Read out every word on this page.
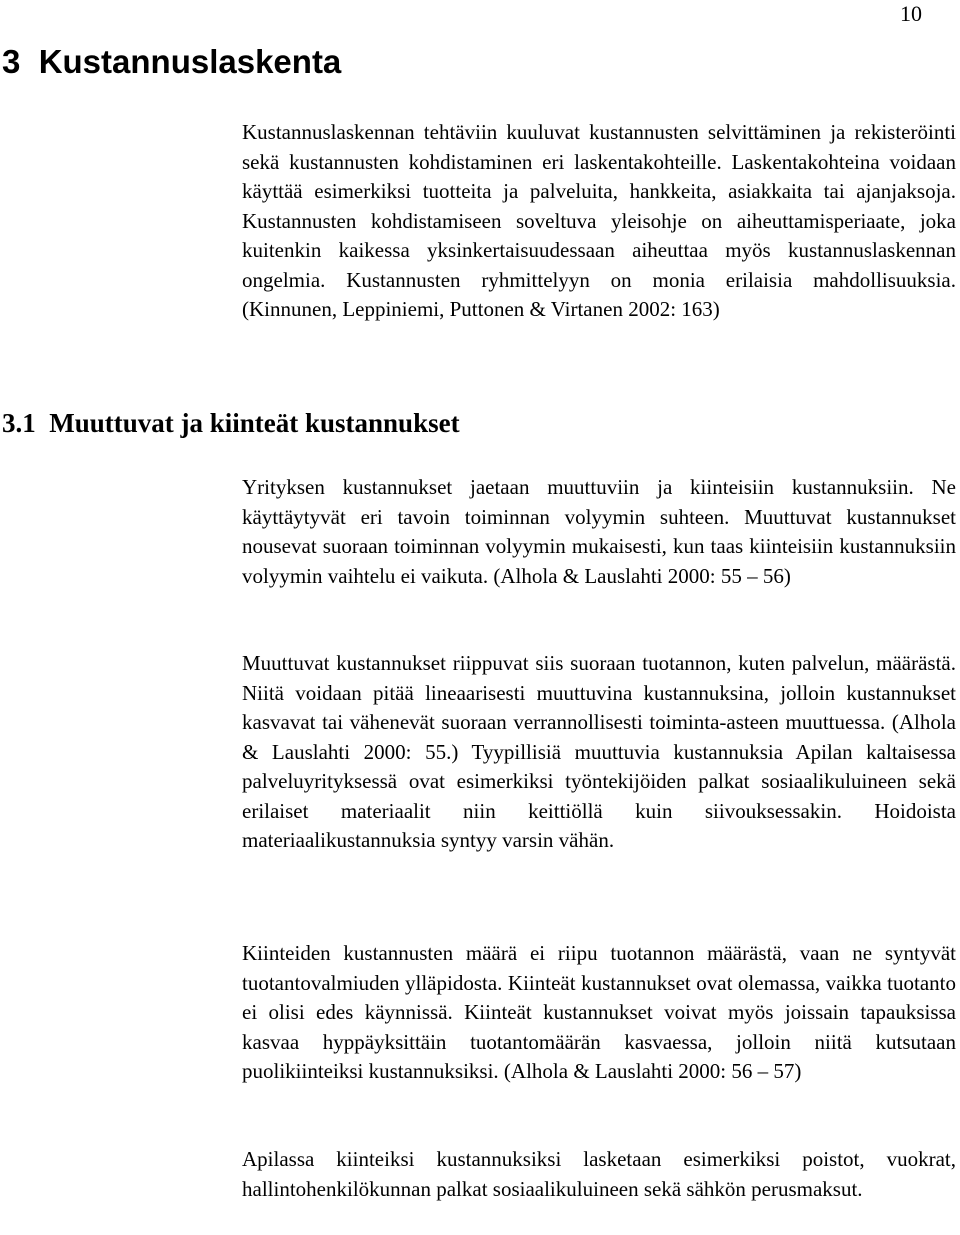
10
3  Kustannuslaskenta

Kustannuslaskennan tehtäviin kuuluvat kustannusten selvittäminen ja rekisteröinti sekä kustannusten kohdistaminen eri laskentakohteille. Laskentakohteina voidaan käyttää esimerkiksi tuotteita ja palveluita, hankkeita, asiakkaita tai ajanjaksoja. Kustannusten kohdistamiseen soveltuva yleisohje on aiheuttamisperiaate, joka kuitenkin kaikessa yksinkertaisuudessaan aiheuttaa myös kustannuslaskennan ongelmia. Kustannusten ryhmittelyyn on monia erilaisia mahdollisuuksia. (Kinnunen, Leppiniemi, Puttonen & Virtanen 2002: 163)

3.1  Muuttuvat ja kiinteät kustannukset

Yrityksen kustannukset jaetaan muuttuviin ja kiinteisiin kustannuksiin. Ne käyttäytyvät eri tavoin toiminnan volyymin suhteen. Muuttuvat kustannukset nousevat suoraan toiminnan volyymin mukaisesti, kun taas kiinteisiin kustannuksiin volyymin vaihtelu ei vaikuta. (Alhola & Lauslahti 2000: 55 – 56)

Muuttuvat kustannukset riippuvat siis suoraan tuotannon, kuten palvelun, määrästä. Niitä voidaan pitää lineaarisesti muuttuvina kustannuksina, jolloin kustannukset kasvavat tai vähenevät suoraan verrannollisesti toiminta-asteen muuttuessa. (Alhola & Lauslahti 2000: 55.) Tyypillisiä muuttuvia kustannuksia Apilan kaltaisessa palveluyrityksessä ovat esimerkiksi työntekijöiden palkat sosiaalikuluineen sekä erilaiset materiaalit niin keittiöllä kuin siivouksessakin. Hoidoista materiaalikustannuksia syntyy varsin vähän.

Kiinteiden kustannusten määrä ei riipu tuotannon määrästä, vaan ne syntyvät tuotantovalmiuden ylläpidosta. Kiinteät kustannukset ovat olemassa, vaikka tuotanto ei olisi edes käynnissä. Kiinteät kustannukset voivat myös joissain tapauksissa kasvaa hyppäyksittäin tuotantomäärän kasvaessa, jolloin niitä kutsutaan puolikiinteiksi kustannuksiksi. (Alhola & Lauslahti 2000: 56 – 57)

Apilassa kiinteiksi kustannuksiksi lasketaan esimerkiksi poistot, vuokrat, hallintohenkilökunnan palkat sosiaalikuluineen sekä sähkön perusmaksut.
